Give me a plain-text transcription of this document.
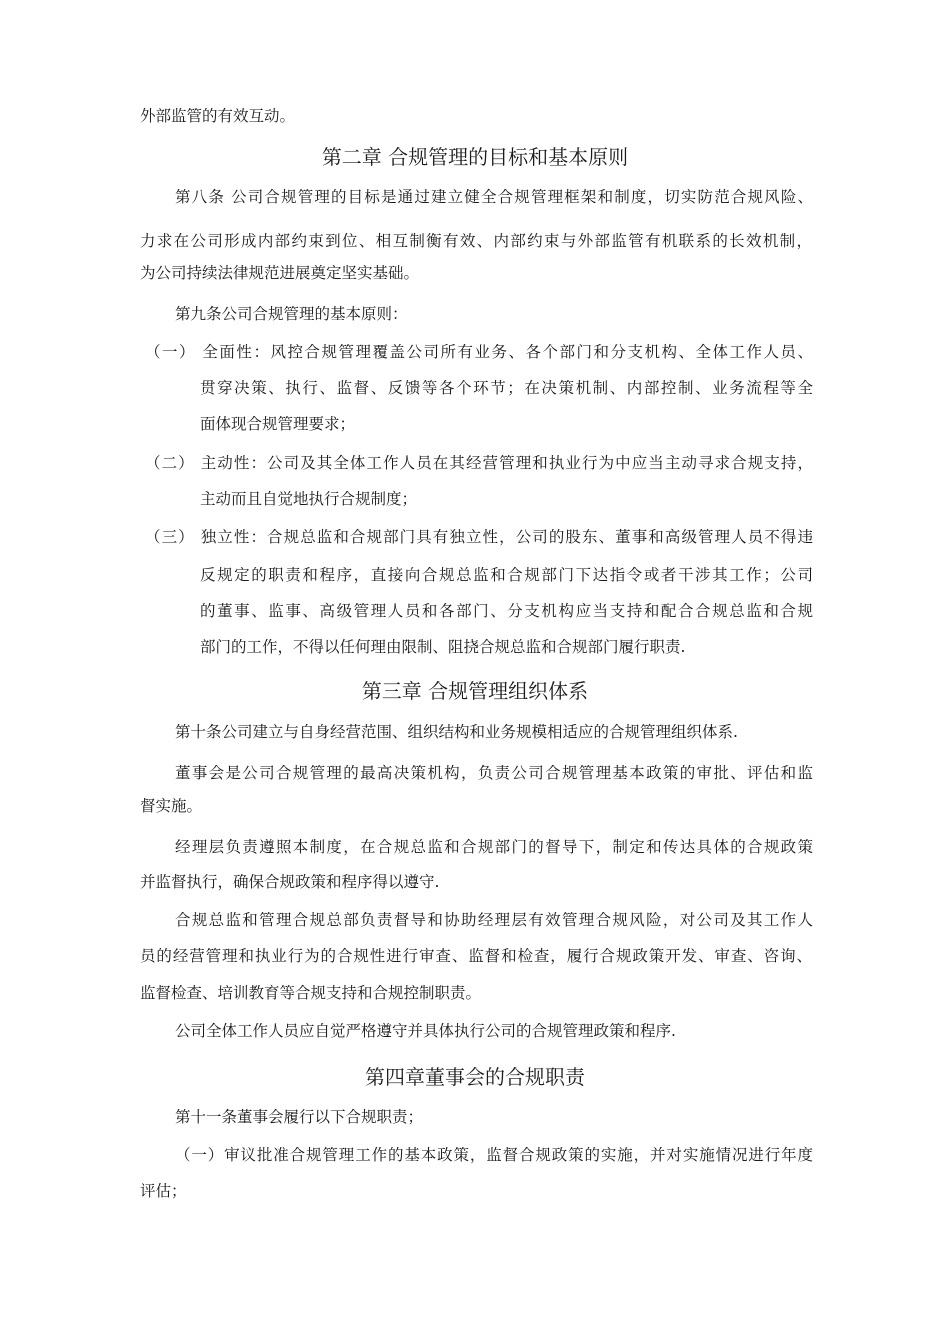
外部监管的有效互动。
第二章 合规管理的目标和基本原则
第八条 公司合规管理的目标是通过建立健全合规管理框架和制度，切实防范合规风险、
力求在公司形成内部约束到位、相互制衡有效、内部约束与外部监管有机联系的长效机制，
为公司持续法律规范进展奠定坚实基础。
第九条公司合规管理的基本原则：
（一） 全面性：风控合规管理覆盖公司所有业务、各个部门和分支机构、全体工作人员、
贯穿决策、执行、监督、反馈等各个环节；在决策机制、内部控制、业务流程等全
面体现合规管理要求；
（二） 主动性：公司及其全体工作人员在其经营管理和执业行为中应当主动寻求合规支持，
主动而且自觉地执行合规制度；
（三） 独立性：合规总监和合规部门具有独立性，公司的股东、董事和高级管理人员不得违
反规定的职责和程序，直接向合规总监和合规部门下达指令或者干涉其工作；公司
的董事、监事、高级管理人员和各部门、分支机构应当支持和配合合规总监和合规
部门的工作，不得以任何理由限制、阻挠合规总监和合规部门履行职责.
第三章 合规管理组织体系
第十条公司建立与自身经营范围、组织结构和业务规模相适应的合规管理组织体系.
董事会是公司合规管理的最高决策机构，负责公司合规管理基本政策的审批、评估和监
督实施。
经理层负责遵照本制度，在合规总监和合规部门的督导下，制定和传达具体的合规政策
并监督执行，确保合规政策和程序得以遵守.
合规总监和管理合规总部负责督导和协助经理层有效管理合规风险，对公司及其工作人
员的经营管理和执业行为的合规性进行审查、监督和检查，履行合规政策开发、审查、咨询、
监督检查、培训教育等合规支持和合规控制职责。
公司全体工作人员应自觉严格遵守并具体执行公司的合规管理政策和程序.
第四章董事会的合规职责
第十一条董事会履行以下合规职责；
（一）审议批准合规管理工作的基本政策，监督合规政策的实施，并对实施情况进行年度
评估；
